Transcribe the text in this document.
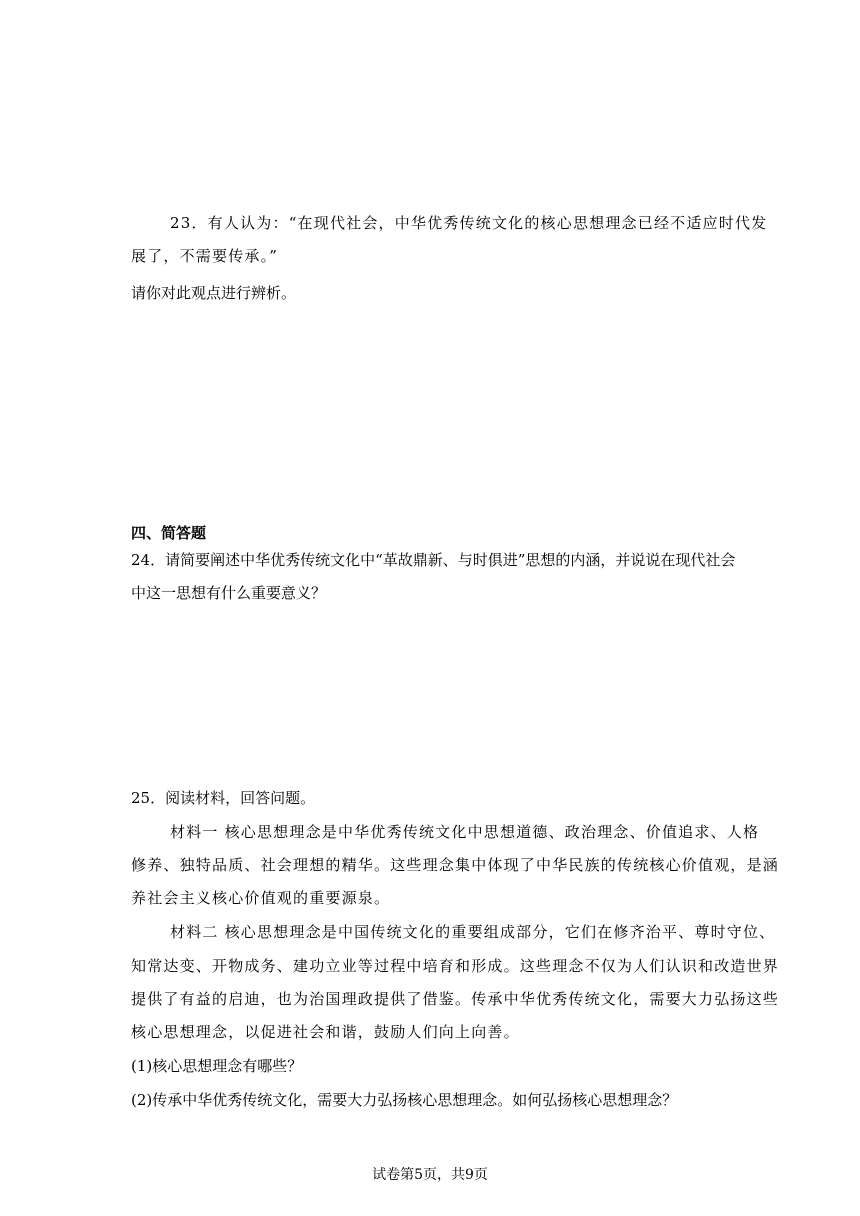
23．有人认为：“在现代社会，中华优秀传统文化的核心思想理念已经不适应时代发
展了，不需要传承。”
请你对此观点进行辨析。
四、简答题
24．请简要阐述中华优秀传统文化中“革故鼎新、与时俱进”思想的内涵，并说说在现代社会
中这一思想有什么重要意义？
25．阅读材料，回答问题。
材料一 核心思想理念是中华优秀传统文化中思想道德、政治理念、价值追求、人格
修养、独特品质、社会理想的精华。这些理念集中体现了中华民族的传统核心价值观，是涵
养社会主义核心价值观的重要源泉。
材料二 核心思想理念是中国传统文化的重要组成部分，它们在修齐治平、尊时守位、
知常达变、开物成务、建功立业等过程中培育和形成。这些理念不仅为人们认识和改造世界
提供了有益的启迪，也为治国理政提供了借鉴。传承中华优秀传统文化，需要大力弘扬这些
核心思想理念，以促进社会和谐，鼓励人们向上向善。
(1)核心思想理念有哪些？
(2)传承中华优秀传统文化，需要大力弘扬核心思想理念。如何弘扬核心思想理念？
试卷第5页，共9页
